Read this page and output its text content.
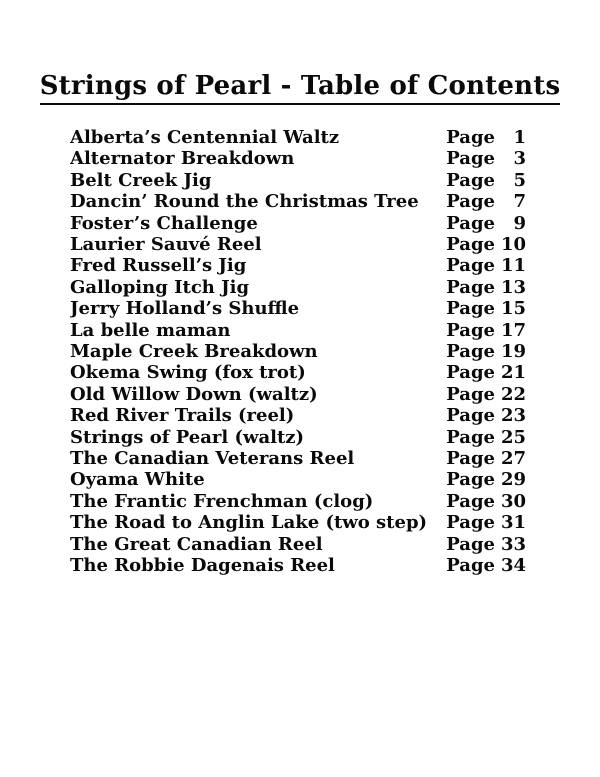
Strings of Pearl - Table of Contents
Alberta’s Centennial Waltz	Page	1
Alternator Breakdown	Page	3
Belt Creek Jig	Page	5
Dancin’ Round the Christmas Tree	Page	7
Foster’s Challenge	Page	9
Laurier Sauvé Reel	Page 10
Fred Russell’s Jig	Page 11
Galloping Itch Jig	Page 13
Jerry Holland’s Shuffle	Page 15
La belle maman	Page 17
Maple Creek Breakdown	Page 19
Okema Swing (fox trot)	Page 21
Old Willow Down (waltz)	Page 22
Red River Trails (reel)	Page 23
Strings of Pearl (waltz)	Page 25
The Canadian Veterans Reel	Page 27
Oyama White	Page 29
The Frantic Frenchman (clog)	Page 30
The Road to Anglin Lake (two step)	Page 31
The Great Canadian Reel	Page 33
The Robbie Dagenais Reel	Page 34
